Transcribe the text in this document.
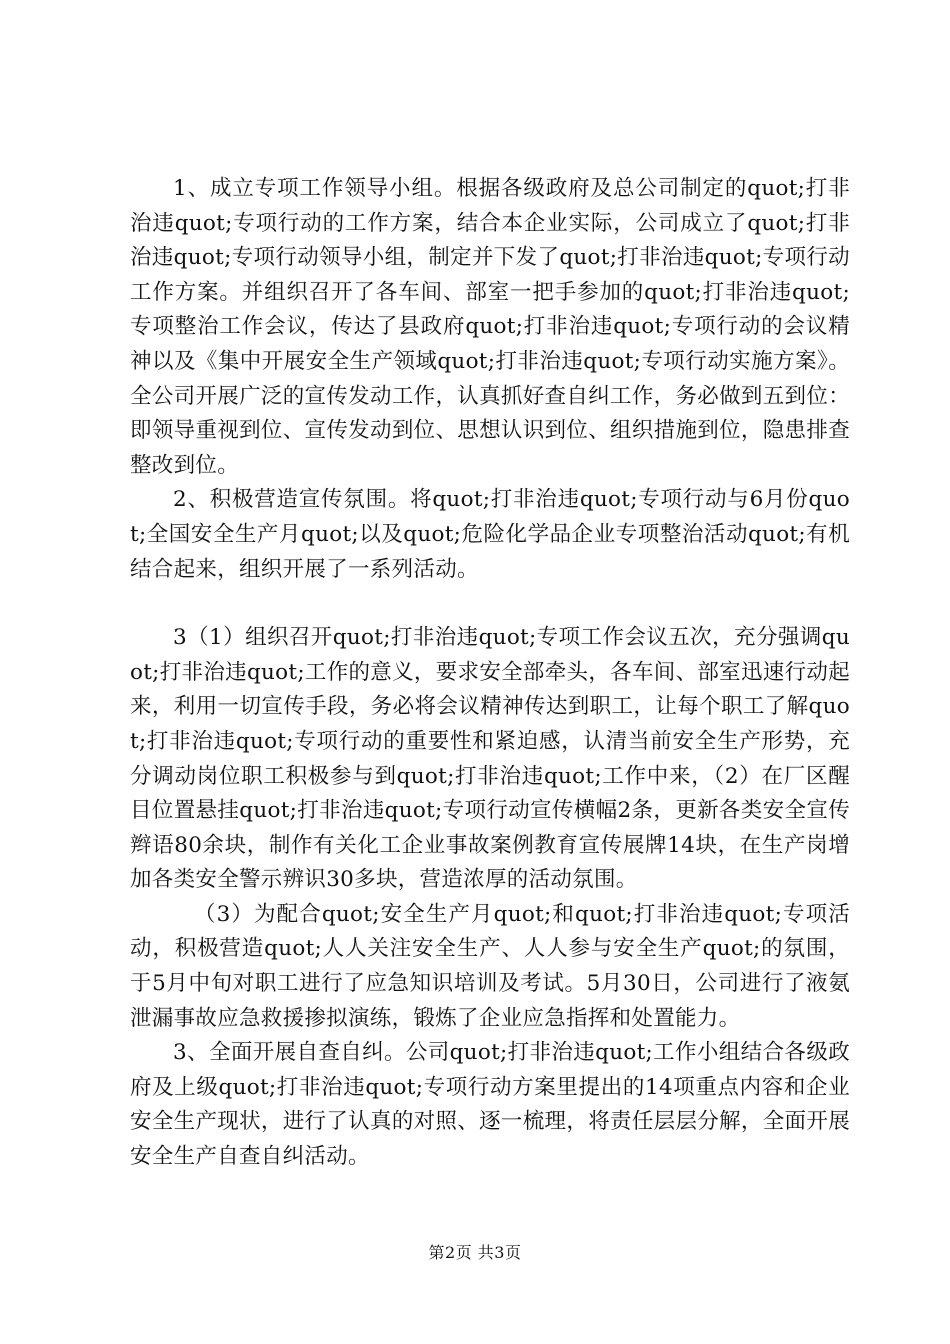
1、成立专项工作领导小组。根据各级政府及总公司制定的quot;打非治违quot;专项行动的工作方案，结合本企业实际，公司成立了quot;打非治违quot;专项行动领导小组，制定并下发了quot;打非治违quot;专项行动工作方案。并组织召开了各车间、部室一把手参加的quot;打非治违quot;专项整治工作会议，传达了县政府quot;打非治违quot;专项行动的会议精神以及《集中开展安全生产领域quot;打非治违quot;专项行动实施方案》。全公司开展广泛的宣传发动工作，认真抓好查自纠工作，务必做到五到位：即领导重视到位、宣传发动到位、思想认识到位、组织措施到位，隐患排查整改到位。

2、积极营造宣传氛围。将quot;打非治违quot;专项行动与6月份quot;全国安全生产月quot;以及quot;危险化学品企业专项整治活动quot;有机结合起来，组织开展了一系列活动。

3（1）组织召开quot;打非治违quot;专项工作会议五次，充分强调quot;打非治违quot;工作的意义，要求安全部牵头，各车间、部室迅速行动起来，利用一切宣传手段，务必将会议精神传达到职工，让每个职工了解quot;打非治违quot;专项行动的重要性和紧迫感，认清当前安全生产形势，充分调动岗位职工积极参与到quot;打非治违quot;工作中来，（2）在厂区醒目位置悬挂quot;打非治违quot;专项行动宣传横幅2条，更新各类安全宣传辫语80余块，制作有关化工企业事故案例教育宣传展牌14块，在生产岗增加各类安全警示辨识30多块，营造浓厚的活动氛围。

（3）为配合quot;安全生产月quot;和quot;打非治违quot;专项活动，积极营造quot;人人关注安全生产、人人参与安全生产quot;的氛围，于5月中旬对职工进行了应急知识培训及考试。5月30日，公司进行了液氨泄漏事故应急救援掺拟演练，锻炼了企业应急指挥和处置能力。

3、全面开展自查自纠。公司quot;打非治违quot;工作小组结合各级政府及上级quot;打非治违quot;专项行动方案里提出的14项重点内容和企业安全生产现状，进行了认真的对照、逐一梳理，将责任层层分解，全面开展安全生产自查自纠活动。

第2页 共3页
